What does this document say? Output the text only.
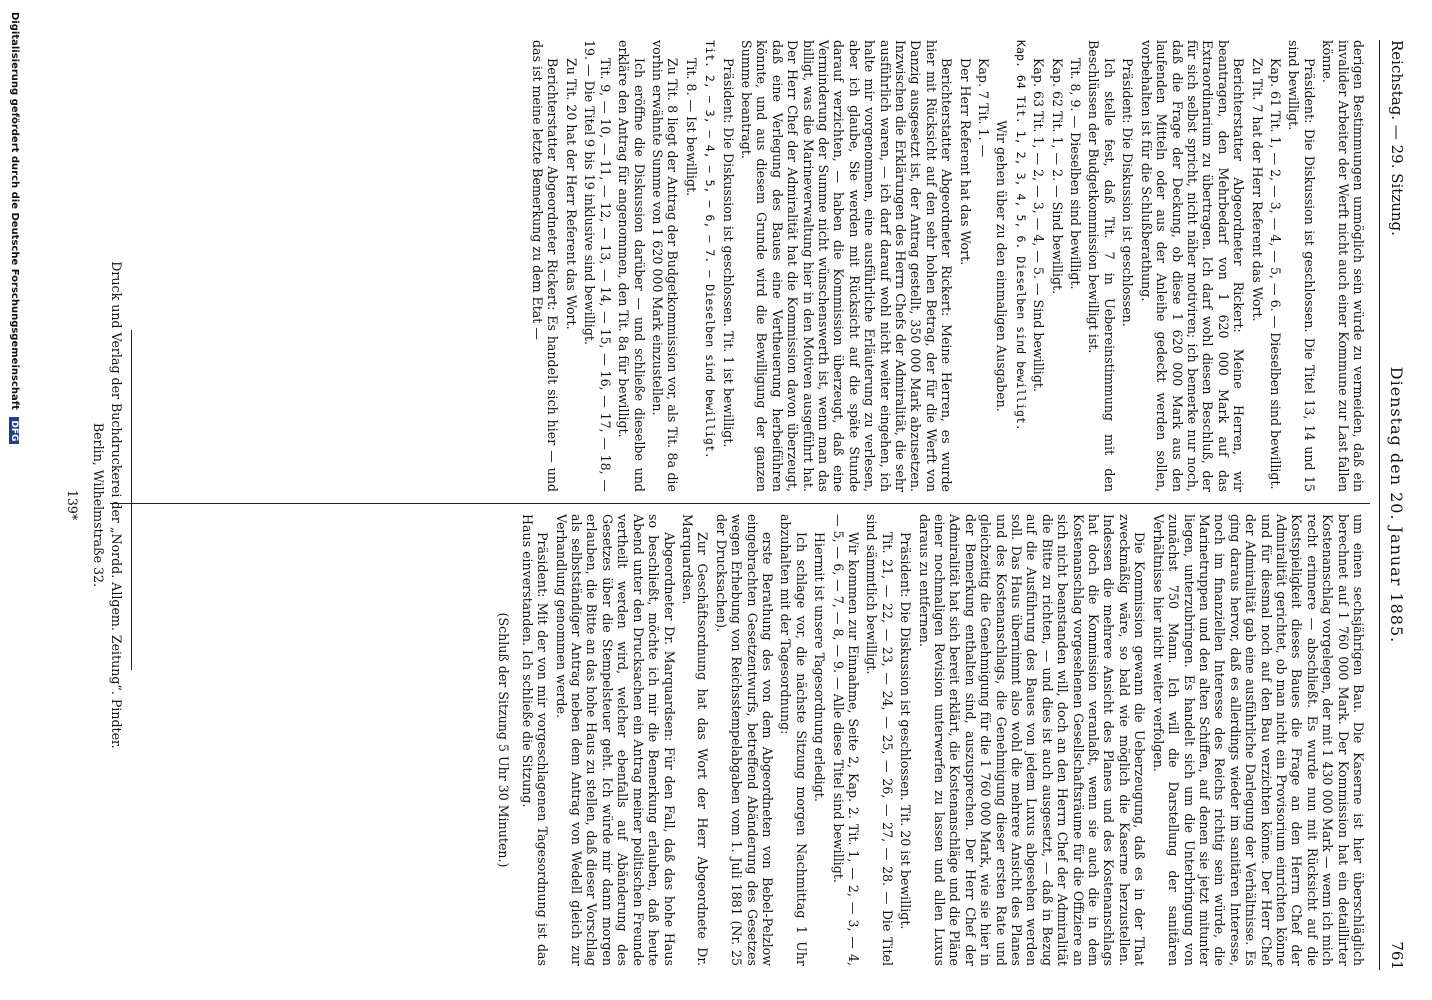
Reichstag. — 29. Sitzung.
Dienstag den 20. Januar 1885.
761

derigen Bestimmungen unmöglich sein würde zu vermeiden, daß ein invalider Arbeiter der Werft nicht auch einer Kommune zur Last fallen könne.

Präsident: Die Diskussion ist geschlossen. Die Titel 13, 14 und 15 sind bewilligt.

Kap. 61 Tit. 1, — 2, — 3, — 4, — 5, — 6. — Dieselben sind bewilligt.

Zu Tit. 7 hat der Herr Referent das Wort.

Berichterstatter Abgeordneter Rickert: Meine Herren, wir beantragen, den Mehrbedarf von 1 620 000 Mark auf das Extraordinarium zu übertragen. Ich darf wohl diesen Beschluß, der für sich selbst spricht, nicht näher motiviren; ich bemerke nur noch, daß die Frage der Deckung, ob diese 1 620 000 Mark aus den laufenden Mitteln oder aus der Anleihe gedeckt werden sollen, vorbehalten ist für die Schlußberathung.

Präsident: Die Diskussion ist geschlossen.

Ich stelle fest, daß Tit. 7 in Uebereinstimmung mit den Beschlüssen der Budgetkommission bewilligt ist.

Tit. 8, 9. — Dieselben sind bewilligt.

Kap. 62 Tit. 1, — 2. — Sind bewilligt.

Kap. 63 Tit. 1, — 2, — 3, — 4, — 5. — Sind bewilligt.

Kap. 64 Tit. 1, 2, 3, 4, 5, 6. Dieselben sind bewilligt.

Wir gehen über zu den einmaligen Ausgaben.

Kap. 7 Tit. 1. —

Der Herr Referent hat das Wort.

Berichterstatter Abgeordneter Rickert: Meine Herren, es wurde hier mit Rücksicht auf den sehr hohen Betrag, der für die Werft von Danzig ausgesetzt ist, der Antrag gestellt, 350 000 Mark abzusetzen. Inzwischen die Erklärungen des Herrn Chefs der Admiralität, die sehr ausführlich waren, — ich darf darauf wohl nicht weiter eingehen, ich halte mir vorgenommen, eine ausführliche Erläuterung zu verlesen, aber ich glaube, Sie werden mit Rücksicht auf die späte Stunde darauf verzichten, — haben die Kommission überzeugt, daß eine Verminderung der Summe nicht wünschenswerth ist, wenn man das billigt, was die Marineverwaltung hier in den Motiven ausgeführt hat. Der Herr Chef der Admiralität hat die Kommission davon überzeugt, daß eine Verlegung des Baues eine Vertheuerung herbeiführen könnte, und aus diesem Grunde wird die Bewilligung der ganzen Summe beantragt.

Präsident: Die Diskussion ist geschlossen. Tit. 1 ist bewilligt.

Tit. 2, — 3, — 4, — 5, — 6, — 7. — Dieselben sind bewilligt.

Tit. 8. — Ist bewilligt.

Zu Tit. 8 liegt der Antrag der Budgetkommission vor, als Tit. 8a die vorhin erwähnte Summe von 1 620 000 Mark einzustellen.

Ich eröffne die Diskussion darüber — und schließe dieselbe und erkläre den Antrag für angenommen, den Tit. 8a für bewilligt.

Tit. 9, — 10, — 11, — 12, — 13, — 14, — 15, — 16, — 17, — 18, — 19. — Die Titel 9 bis 19 inklusive sind bewilligt.

Zu Tit. 20 hat der Herr Referent das Wort.

Berichterstatter Abgeordneter Rickert: Es handelt sich hier — und das ist meine letzte Bemerkung zu dem Etat —

um einen sechsjährigen Bau. Die Kaserne ist hier überschläglich berechnet auf 1 760 000 Mark. Der Kommission hat ein detaillirter Kostenanschlag vorgelegen, der mit 1 430 000 Mark — wenn ich mich recht erinnere — abschließt. Es wurde nun mit Rücksicht auf die Kostspieligkeit dieses Baues die Frage an den Herrn Chef der Admiralität gerichtet, ob man nicht ein Provisorium einrichten könne und für diesmal noch auf den Bau verzichten könne. Der Herr Chef der Admiralität gab eine ausführliche Darlegung der Verhältnisse. Es ging daraus hervor, daß es allerdings wieder im sanitären Interesse, noch im finanziellen Interesse des Reichs richtig sein würde, die Marinetruppen und den alten Schiffen, auf denen sie jetzt mitunter liegen, unterzubringen. Es handelt sich um die Unterbringung von zunächst 750 Mann. Ich will die Darstellung der sanitären Verhältnisse hier nicht weiter verfolgen.

Die Kommission gewann die Ueberzeugung, daß es in der That zweckmäßig wäre, so bald wie möglich die Kaserne herzustellen. Indessen die mehrere Ansicht des Planes und des Kostenanschlags hat doch die Kommission veranlaßt, wenn sie auch die in dem Kostenanschlag vorgesehenen Gesellschaftsräume für die Offiziere an sich nicht beanstanden will, doch an den Herrn Chef der Admiralität die Bitte zu richten, — und dies ist auch ausgesetzt, — daß in Bezug auf die Ausführung des Baues von jedem Luxus abgesehen werden soll. Das Haus übernimmt also wohl die mehrere Ansicht des Planes und des Kostenanschlags, die Genehmigung dieser ersten Rate und gleichzeitig die Genehmigung für die 1 760 000 Mark, wie sie hier in der Bemerkung enthalten sind, auszusprechen. Der Herr Chef der Admiralität hat sich bereit erklärt, die Kostenanschläge und die Pläne einer nochmaligen Revision unterwerfen zu lassen und allen Luxus daraus zu entfernen.

Präsident: Die Diskussion ist geschlossen. Tit. 20 ist bewilligt.

Tit. 21, — 22, — 23, — 24, — 25, — 26, — 27, — 28. — Die Titel sind sämmtlich bewilligt.

Wir kommen zur Einnahme, Seite 2, Kap. 2. Tit. 1, — 2, — 3, — 4, — 5, — 6, — 7, — 8, — 9. — Alle diese Titel sind bewilligt.

Hiermit ist unsere Tagesordnung erledigt.

Ich schlage vor, die nächste Sitzung morgen Nachmittag 1 Uhr abzuhalten mit der Tagesordnung:

erste Berathung des von dem Abgeordneten von Bebel-Pelzlow eingebrachten Gesetzentwurfs, betreffend Abänderung des Gesetzes wegen Erhebung von Reichsstempelabgaben vom 1. Juli 1881 (Nr. 25 der Drucksachen).

Zur Geschäftsordnung hat das Wort der Herr Abgeordnete Dr. Marquardsen.

Abgeordneter Dr. Marquardsen: Für den Fall, daß das hohe Haus so beschließt, möchte ich mir die Bemerkung erlauben, daß heute Abend unter den Drucksachen ein Antrag meiner politischen Freunde vertheilt werden wird, welcher ebenfalls auf Abänderung des Gesetzes über die Stempelsteuer geht. Ich würde mir dann morgen erlauben, die Bitte an das hohe Haus zu stellen, daß dieser Vorschlag als selbstständiger Antrag neben dem Antrag von Wedell gleich zur Verhandlung genommen werde.

Präsident: Mit der von mir vorgeschlagenen Tagesordnung ist das Haus einverstanden. Ich schließe die Sitzung.

(Schluß der Sitzung 5 Uhr 30 Minuten.)

Druck und Verlag der Buchdruckerei der „Nordd. Allgem. Zeitung“. Pindter.
Berlin, Wilhelmstraße 32.
139*
Digitalisierung gefördert durch die Deutsche Forschungsgemeinschaft DFG
